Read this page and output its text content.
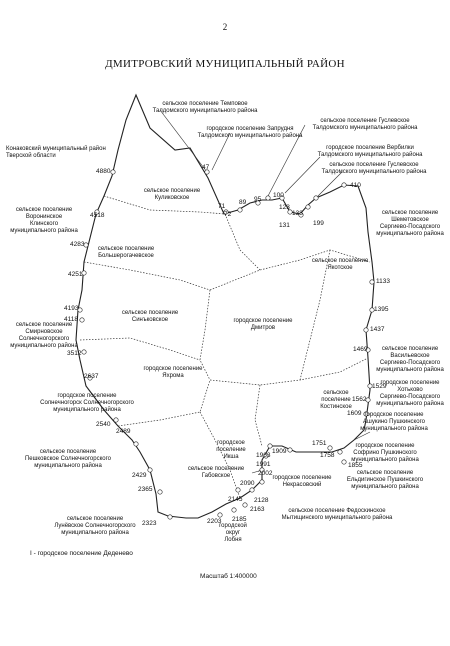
2
ДМИТРОВСКИЙ МУНИЦИПАЛЬНЫЙ РАЙОН
Конаковский муниципальный район
Тверской области
сельское поселение Темповое
Талдомского муниципального района
городское поселение Запрудня
Талдомского муниципального района
сельское поселение Гуслевское
Талдомского муниципального района
городское поселение Вербилки
Талдомского муниципального района
сельское поселение Гуслевское
Талдомского муниципального района
сельское поселение
Воронинское
Клинского
муниципального района
сельское поселение
Шеметовское
Сергиево-Посадского
муниципального района
сельское поселение
Смирновское
Солнечногорского
муниципального района	сельское поселение
Васильевское
Сергиево-Посадского
муниципального района
городское поселение
Солнечногорск Солнечногорского
муниципального района
городское поселение
Хотьково
Сергиево-Посадского
муниципального района
городское поселение
Ашукино Пушкинского
муниципального района
сельское поселение
Пешковское Солнечногорского
муниципального района
городское поселение
Софрино Пушкинского
муниципального района
сельское поселение
Ельдигинское Пушкинского
муниципального района
городское поселение
Некрасовский
сельское поселение
Лунёвское Солнечногорского
муниципального района
городской
округ
Лобня
сельское поселение Федоскинское
Мытищинского муниципального района
сельское поселение
Куликовское
сельское поселение
Большерогачевское
сельское поселение
Якотское
сельское поселение
Синъковское	городское поселение
Дмитров
городское поселение
Яхрома
сельское
поселение
Костинское
сельское поселение
Габовское
городское
поселение
Икша
4880
47
71
72
89 95
100
123
138
131	199
410
4518
4283
4251
4193
4118
3512
2637
1133
1395
1437
1469
1529
1562
1609
1751
1758
1855
1909
1963
1991
2002
2090
2128
2145
2163
2185
2203
2323
2365
2429
2489
2540
I - городское поселение Деденево
Масштаб 1:400000
